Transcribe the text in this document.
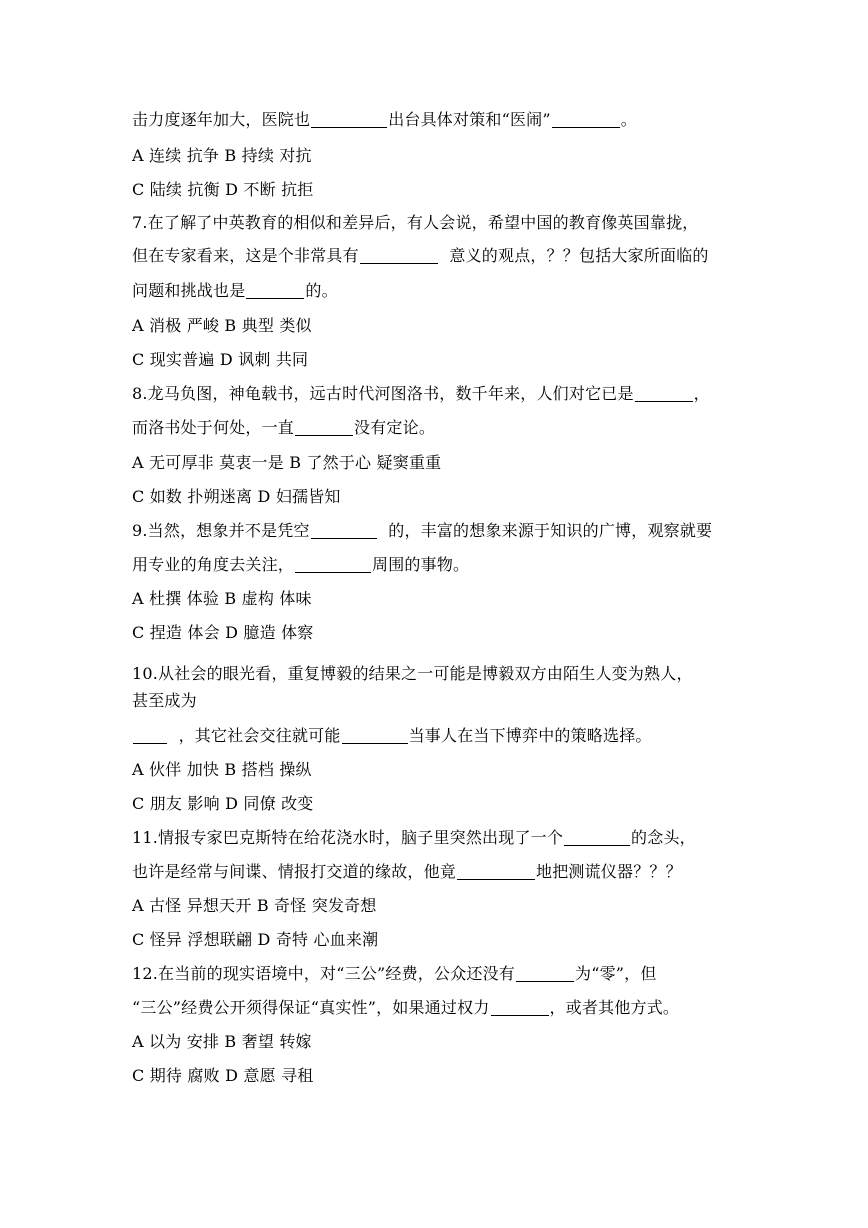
击力度逐年加大，医院也	出台具体对策和“医闹”	。
A 连续 抗争 B 持续 对抗
C 陆续 抗衡 D 不断 抗拒
7.在了解了中英教育的相似和差异后，有人会说，希望中国的教育像英国靠拢，
但在专家看来，这是个非常具有	意义的观点，？？包括大家所面临的
问题和挑战也是	的。
A 消极 严峻 B 典型 类似
C 现实普遍 D 讽刺 共同
8.龙马负图，神龟载书，远古时代河图洛书，数千年来，人们对它已是	，
而洛书处于何处，一直	没有定论。
A 无可厚非 莫衷一是 B 了然于心 疑窦重重
C 如数 扑朔迷离 D 妇孺皆知
9.当然，想象并不是凭空	的，丰富的想象来源于知识的广博，观察就要
用专业的角度去关注，	周围的事物。
A 杜撰 体验 B 虚构 体味
C 捏造 体会 D 臆造 体察
10.从社会的眼光看，重复博毅的结果之一可能是博毅双方由陌生人变为熟人，
甚至成为
，其它社会交往就可能	当事人在当下博弈中的策略选择。
A 伙伴 加快 B 搭档 操纵
C 朋友 影响 D 同僚 改变
11.情报专家巴克斯特在给花浇水时，脑子里突然出现了一个	的念头，
也许是经常与间谍、情报打交道的缘故，他竟	地把测谎仪器？？？
A 古怪 异想天开 B 奇怪 突发奇想
C 怪异 浮想联翩 D 奇特 心血来潮
12.在当前的现实语境中，对“三公”经费，公众还没有	为“零”，但
“三公”经费公开须得保证“真实性”，如果通过权力	，或者其他方式。
A 以为 安排 B 奢望 转嫁
C 期待 腐败 D 意愿 寻租
